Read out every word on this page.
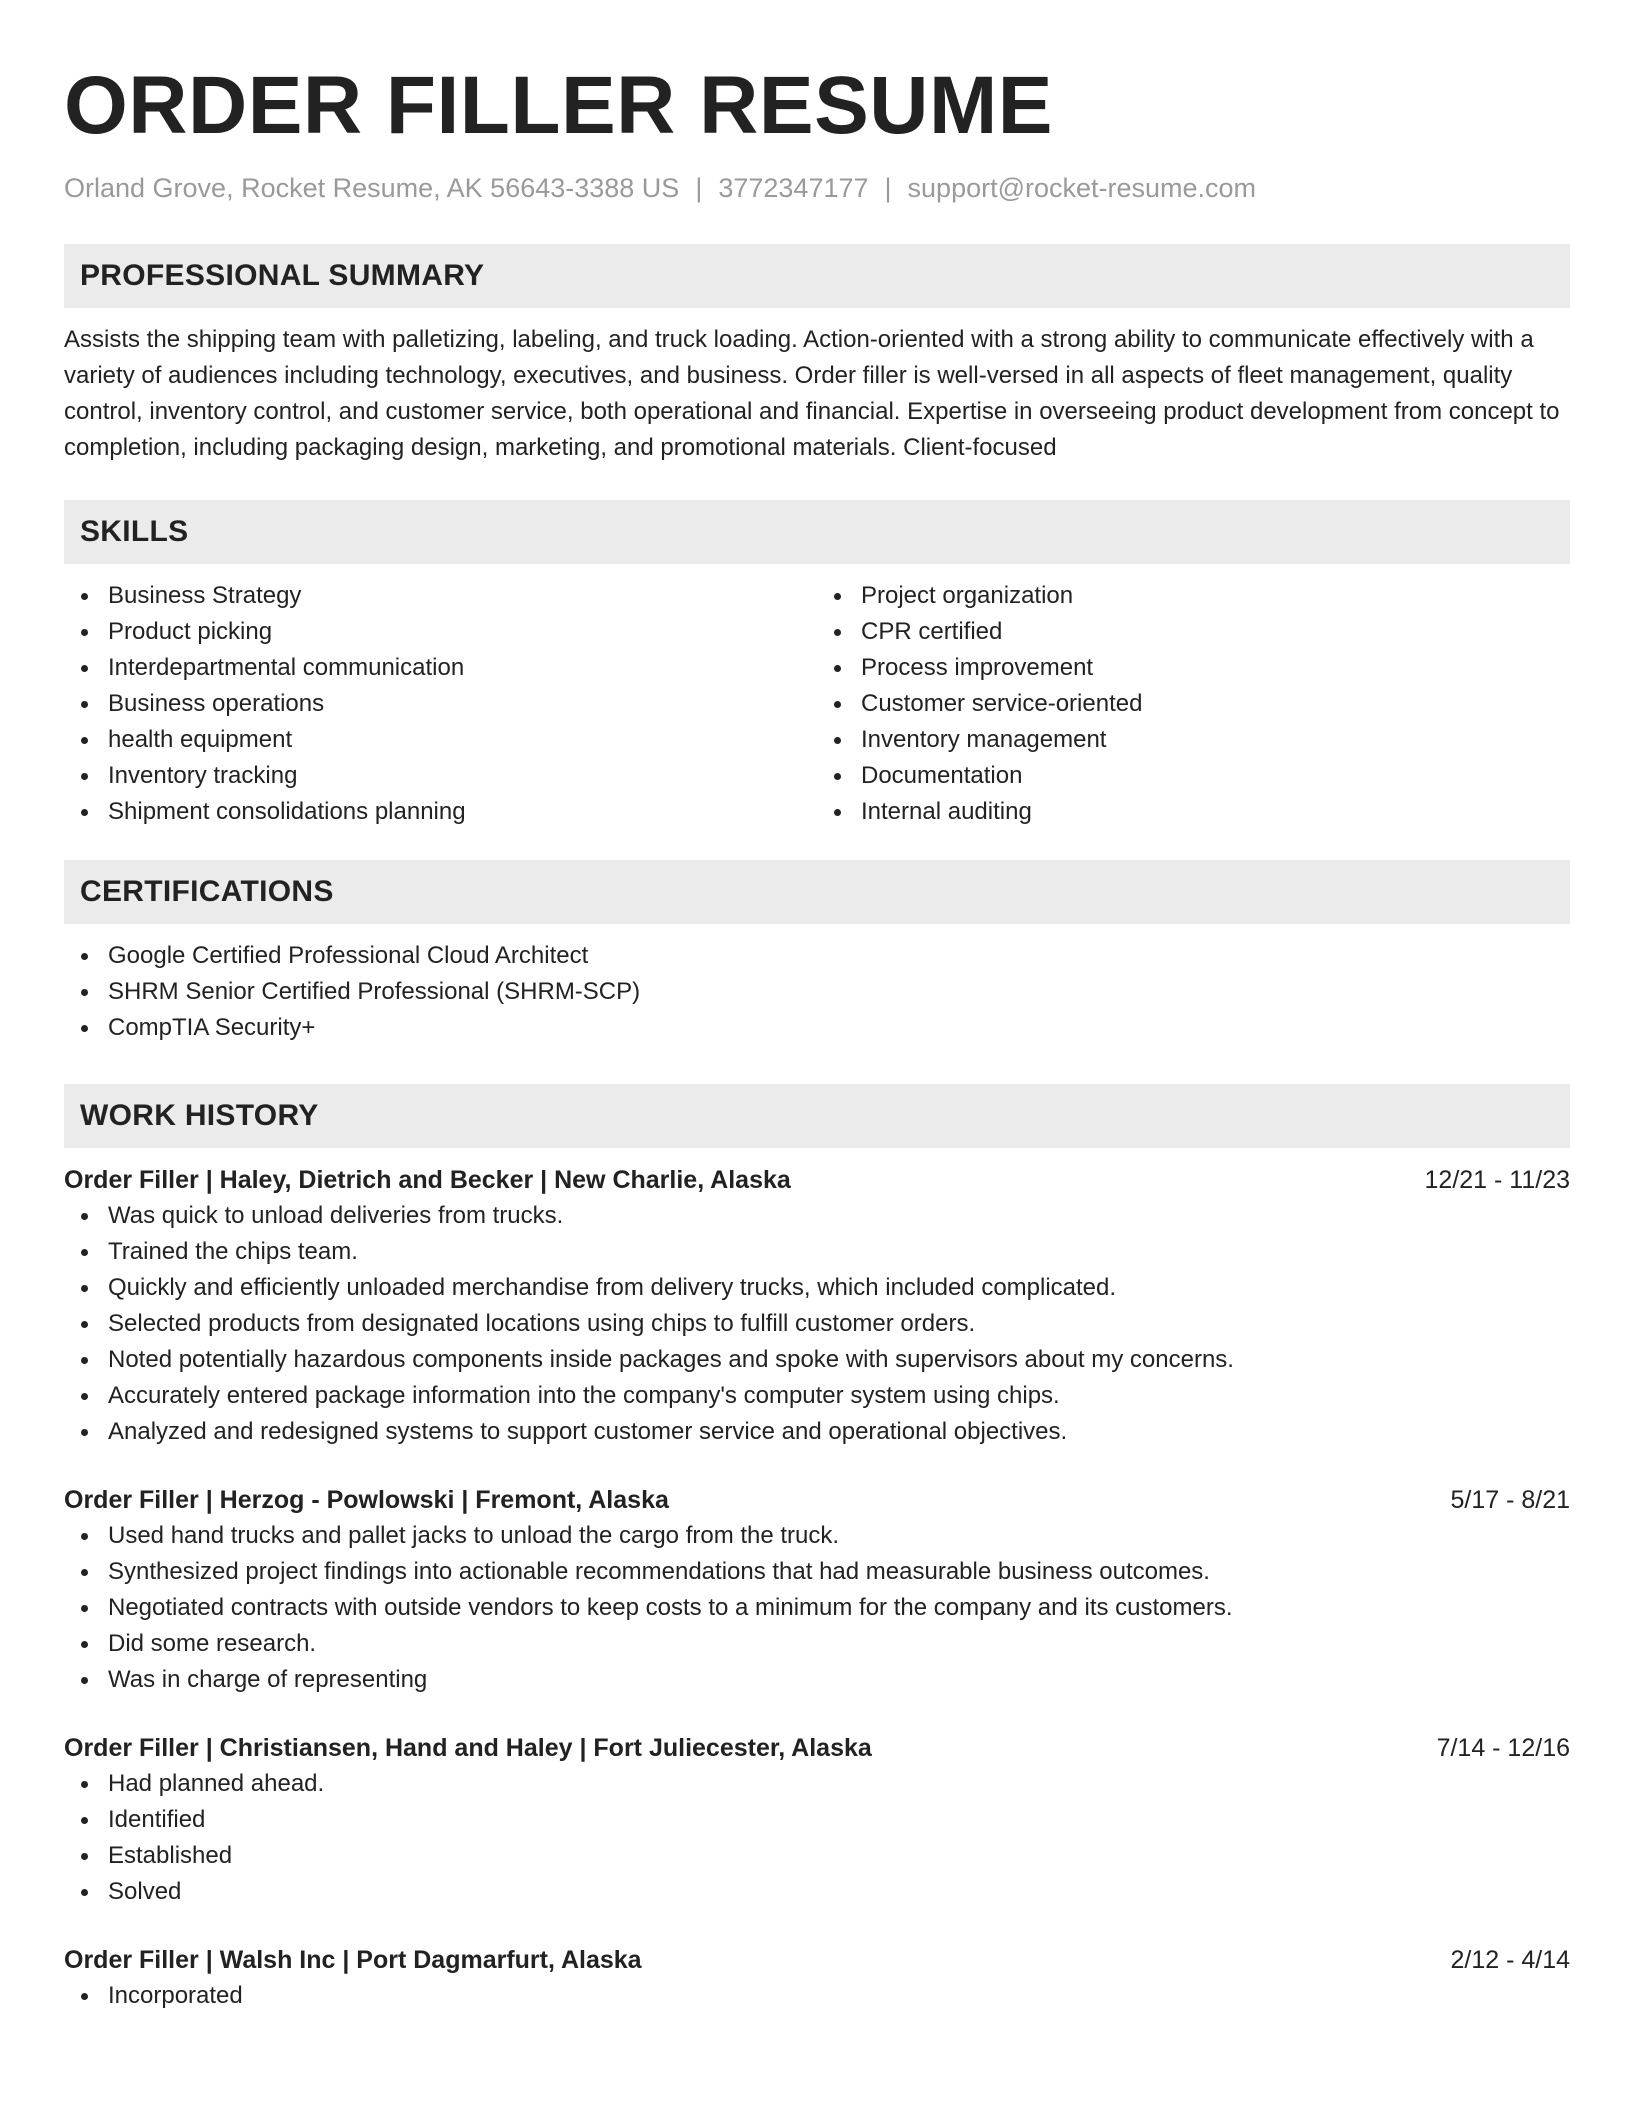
ORDER FILLER RESUME
Orland Grove, Rocket Resume, AK 56643-3388 US | 3772347177 | support@rocket-resume.com
PROFESSIONAL SUMMARY

Assists the shipping team with palletizing, labeling, and truck loading. Action-oriented with a strong ability to communicate effectively with a variety of audiences including technology, executives, and business. Order filler is well-versed in all aspects of fleet management, quality control, inventory control, and customer service, both operational and financial. Expertise in overseeing product development from concept to completion, including packaging design, marketing, and promotional materials. Client-focused

SKILLS
Business Strategy
Product picking
Interdepartmental communication
Business operations
health equipment
Inventory tracking
Shipment consolidations planning
Project organization
CPR certified
Process improvement
Customer service-oriented
Inventory management
Documentation
Internal auditing
CERTIFICATIONS
Google Certified Professional Cloud Architect
SHRM Senior Certified Professional (SHRM-SCP)
CompTIA Security+
WORK HISTORY
Order Filler | Haley, Dietrich and Becker | New Charlie, Alaska	12/21 - 11/23
Was quick to unload deliveries from trucks.
Trained the chips team.
Quickly and efficiently unloaded merchandise from delivery trucks, which included complicated.
Selected products from designated locations using chips to fulfill customer orders.
Noted potentially hazardous components inside packages and spoke with supervisors about my concerns.
Accurately entered package information into the company's computer system using chips.
Analyzed and redesigned systems to support customer service and operational objectives.
Order Filler | Herzog - Powlowski | Fremont, Alaska	5/17 - 8/21
Used hand trucks and pallet jacks to unload the cargo from the truck.
Synthesized project findings into actionable recommendations that had measurable business outcomes.
Negotiated contracts with outside vendors to keep costs to a minimum for the company and its customers.
Did some research.
Was in charge of representing
Order Filler | Christiansen, Hand and Haley | Fort Juliecester, Alaska	7/14 - 12/16
Had planned ahead.
Identified
Established
Solved
Order Filler | Walsh Inc | Port Dagmarfurt, Alaska	2/12 - 4/14
Incorporated
